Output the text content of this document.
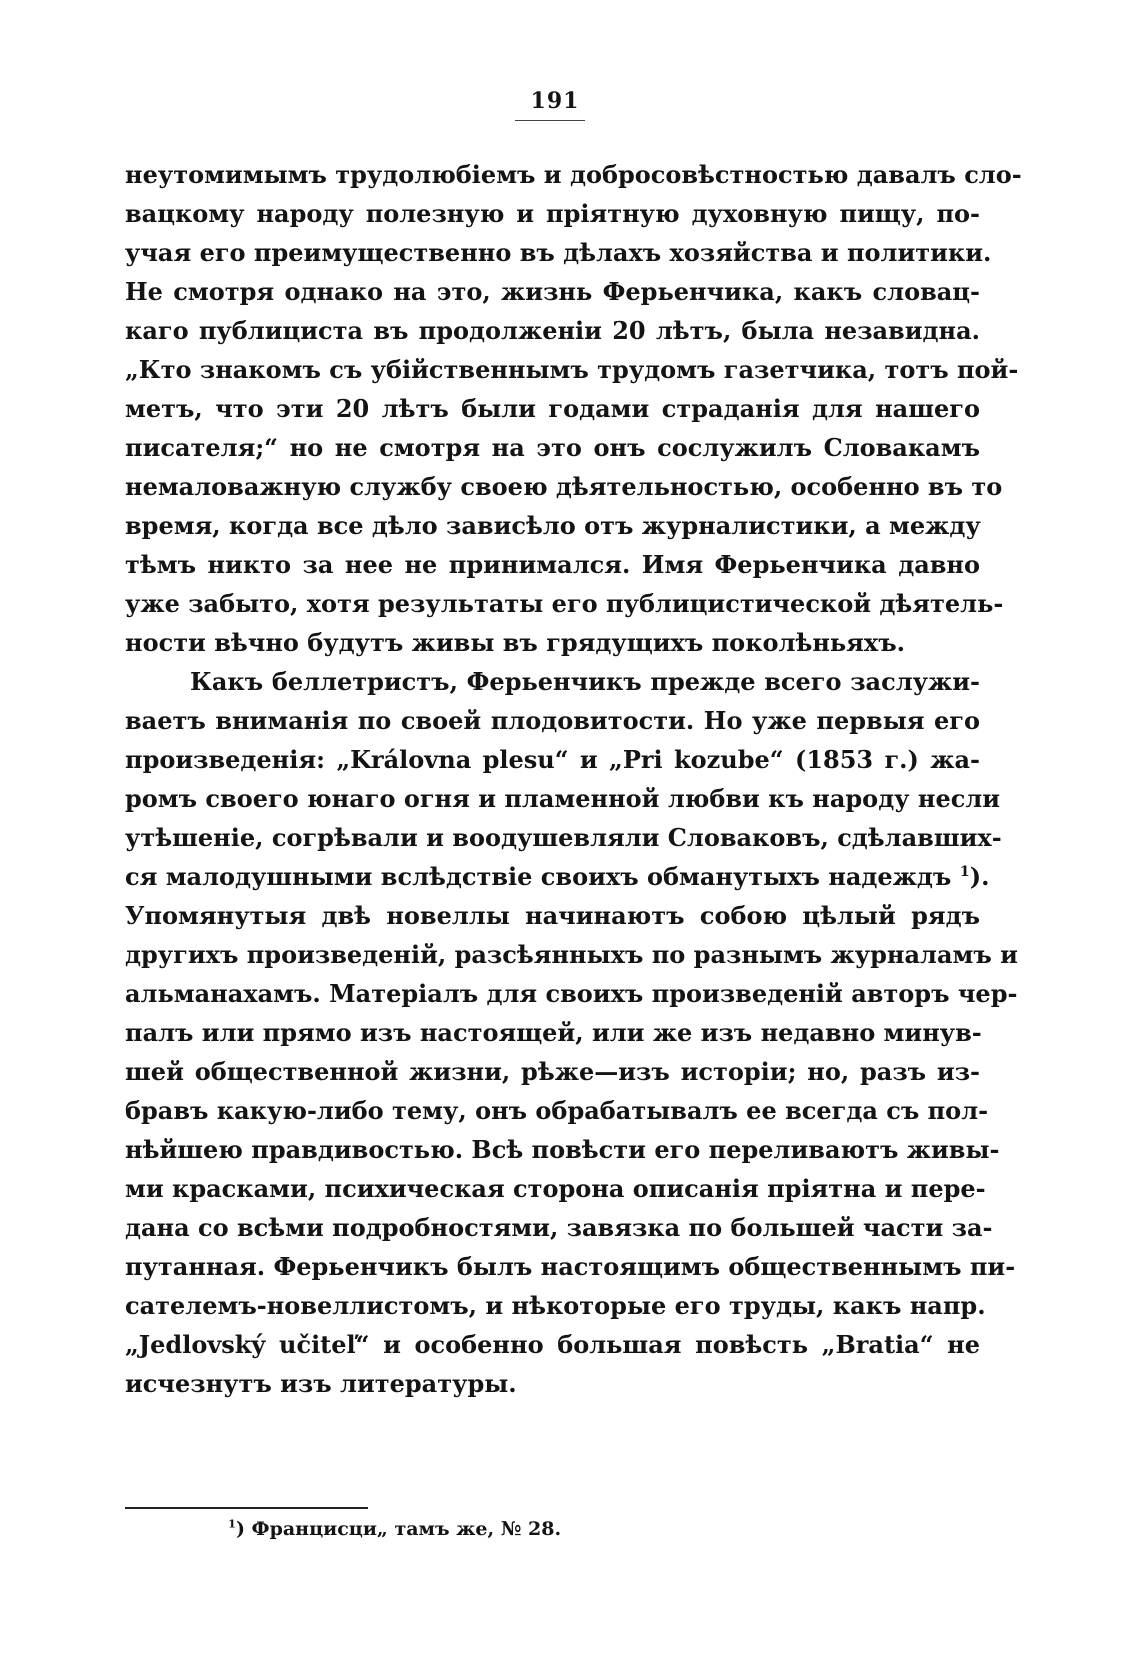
191
неутомимымъ трудолюбіемъ и добросовѣстностью давалъ сло-
вацкому народу полезную и пріятную духовную пищу, по-
учая его преимущественно въ дѣлахъ хозяйства и политики.
Не смотря однако на это, жизнь Ферьенчика, какъ словац-
каго публициста въ продолженіи 20 лѣтъ, была незавидна.
„Кто знакомъ съ убійственнымъ трудомъ газетчика, тотъ пой-
метъ, что эти 20 лѣтъ были годами страданія для нашего
писателя;“ но не смотря на это онъ сослужилъ Словакамъ
немаловажную службу своею дѣятельностью, особенно въ то
время, когда все дѣло зависѣло отъ журналистики, а между
тѣмъ никто за нее не принимался. Имя Ферьенчика давно
уже забыто, хотя результаты его публицистической дѣятель-
ности вѣчно будутъ живы въ грядущихъ поколѣньяхъ.
Какъ беллетристъ, Ферьенчикъ прежде всего заслужи-
ваетъ вниманія по своей плодовитости. Но уже первыя его
произведенія: „Královna plesu“ и „Pri kozube“ (1853 г.) жа-
ромъ своего юнаго огня и пламенной любви къ народу несли
утѣшеніе, согрѣвали и воодушевляли Словаковъ, сдѣлавших-
ся малодушными вслѣдствіе своихъ обманутыхъ надеждъ $^1$).
Упомянутыя двѣ новеллы начинаютъ собою цѣлый рядъ
другихъ произведеній, разсѣянныхъ по разнымъ журналамъ и
альманахамъ. Матеріалъ для своихъ произведеній авторъ чер-
палъ или прямо изъ настоящей, или же изъ недавно минув-
шей общественной жизни, рѣже—изъ исторіи; но, разъ из-
бравъ какую-либо тему, онъ обрабатывалъ ее всегда съ пол-
нѣйшею правдивостью. Всѣ повѣсти его переливаютъ живы-
ми красками, психическая сторона описанія пріятна и пере-
дана со всѣми подробностями, завязка по большей части за-
путанная. Ферьенчикъ былъ настоящимъ общественнымъ пи-
сателемъ-новеллистомъ, и нѣкоторые его труды, какъ напр.
„Jedlovský učiteľ“ и особенно большая повѣсть „Bratia“ не
исчезнутъ изъ литературы.
$^1$) Францисци„ тамъ же, № 28.
